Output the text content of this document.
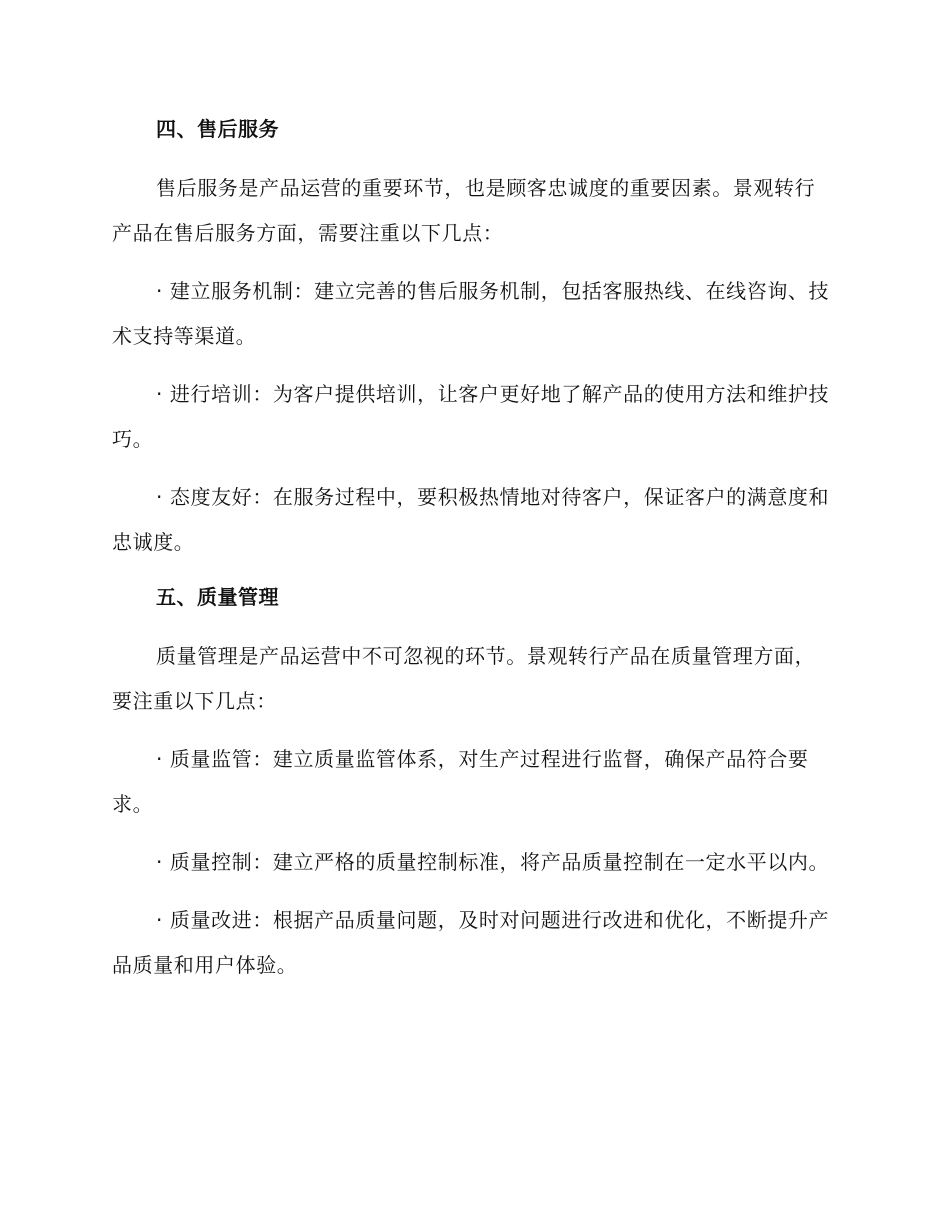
四、售后服务

售后服务是产品运营的重要环节，也是顾客忠诚度的重要因素。景观转行产品在售后服务方面，需要注重以下几点：

· 建立服务机制：建立完善的售后服务机制，包括客服热线、在线咨询、技术支持等渠道。

· 进行培训：为客户提供培训，让客户更好地了解产品的使用方法和维护技巧。

· 态度友好：在服务过程中，要积极热情地对待客户，保证客户的满意度和忠诚度。

五、质量管理

质量管理是产品运营中不可忽视的环节。景观转行产品在质量管理方面，要注重以下几点：

· 质量监管：建立质量监管体系，对生产过程进行监督，确保产品符合要求。

· 质量控制：建立严格的质量控制标准，将产品质量控制在一定水平以内。

· 质量改进：根据产品质量问题，及时对问题进行改进和优化，不断提升产品质量和用户体验。
